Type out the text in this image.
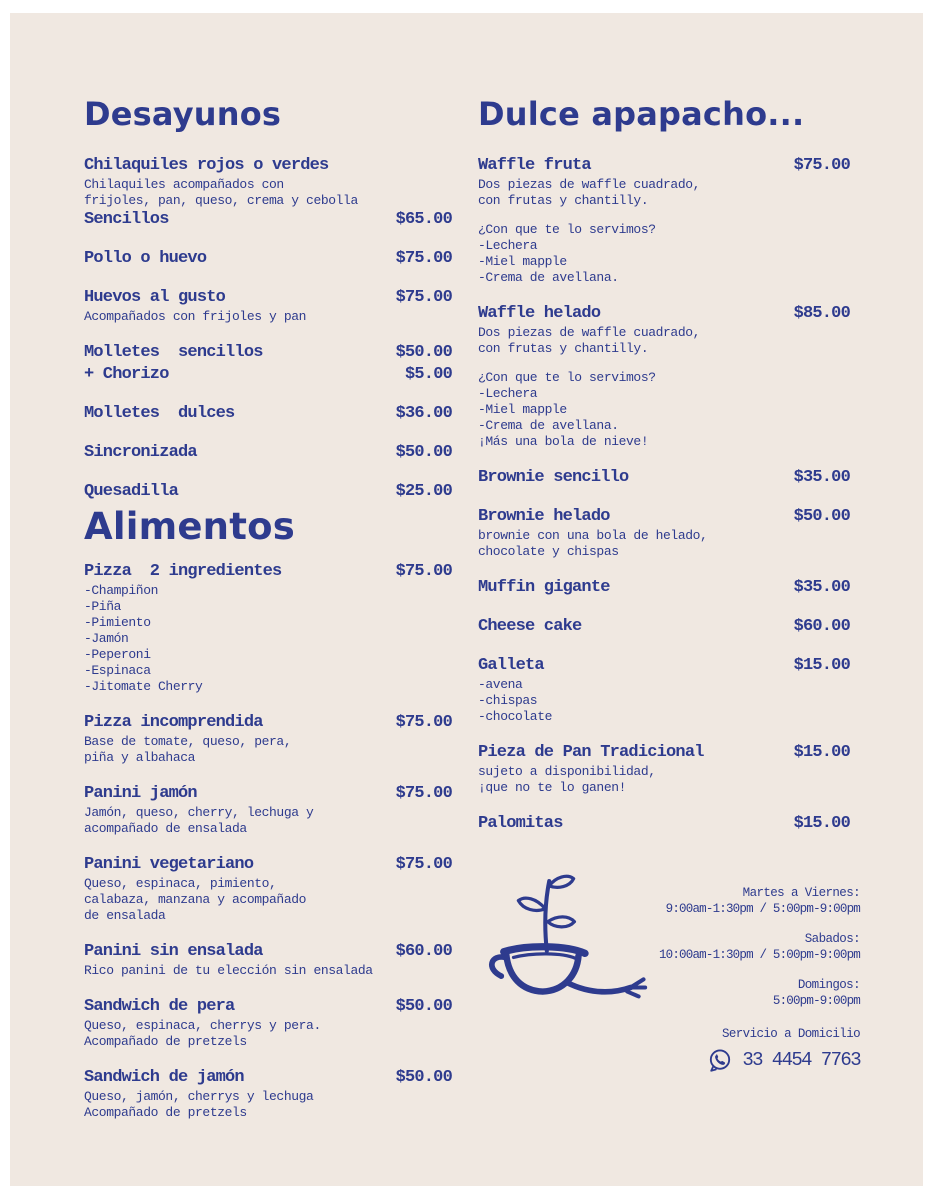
Desayunos
Chilaquiles rojos o verdes
Chilaquiles acompañados con
frijoles, pan, queso, crema y cebolla
Sencillos	$65.00
Pollo o huevo	$75.00
Huevos al gusto	$75.00
Acompañados con frijoles y pan
Molletes  sencillos	$50.00
+ Chorizo	$5.00
Molletes  dulces	$36.00
Sincronizada	$50.00
Quesadilla	$25.00
Alimentos
Pizza  2 ingredientes	$75.00
-Champiñon
-Piña
-Pimiento
-Jamón
-Peperoni
-Espinaca
-Jitomate Cherry
Pizza incomprendida	$75.00
Base de tomate, queso, pera,
piña y albahaca
Panini jamón	$75.00
Jamón, queso, cherry, lechuga y
acompañado de ensalada
Panini vegetariano	$75.00
Queso, espinaca, pimiento,
calabaza, manzana y acompañado
de ensalada
Panini sin ensalada	$60.00
Rico panini de tu elección sin ensalada
Sandwich de pera	$50.00
Queso, espinaca, cherrys y pera.
Acompañado de pretzels
Sandwich de jamón	$50.00
Queso, jamón, cherrys y lechuga
Acompañado de pretzels
Dulce apapacho...
Waffle fruta	$75.00
Dos piezas de waffle cuadrado,
con frutas y chantilly.
¿Con que te lo servimos?
-Lechera
-Miel mapple
-Crema de avellana.
Waffle helado	$85.00
Dos piezas de waffle cuadrado,
con frutas y chantilly.
¿Con que te lo servimos?
-Lechera
-Miel mapple
-Crema de avellana.
¡Más una bola de nieve!
Brownie sencillo	$35.00
Brownie helado	$50.00
brownie con una bola de helado,
chocolate y chispas
Muffin gigante	$35.00
Cheese cake	$60.00
Galleta	$15.00
-avena
-chispas
-chocolate
Pieza de Pan Tradicional	$15.00
sujeto a disponibilidad,
¡que no te lo ganen!
Palomitas	$15.00
Martes a Viernes:
9:00am-1:30pm / 5:00pm-9:00pm
Sabados:
10:00am-1:30pm / 5:00pm-9:00pm
Domingos:
5:00pm-9:00pm
Servicio a Domicilio
33 4454 7763
